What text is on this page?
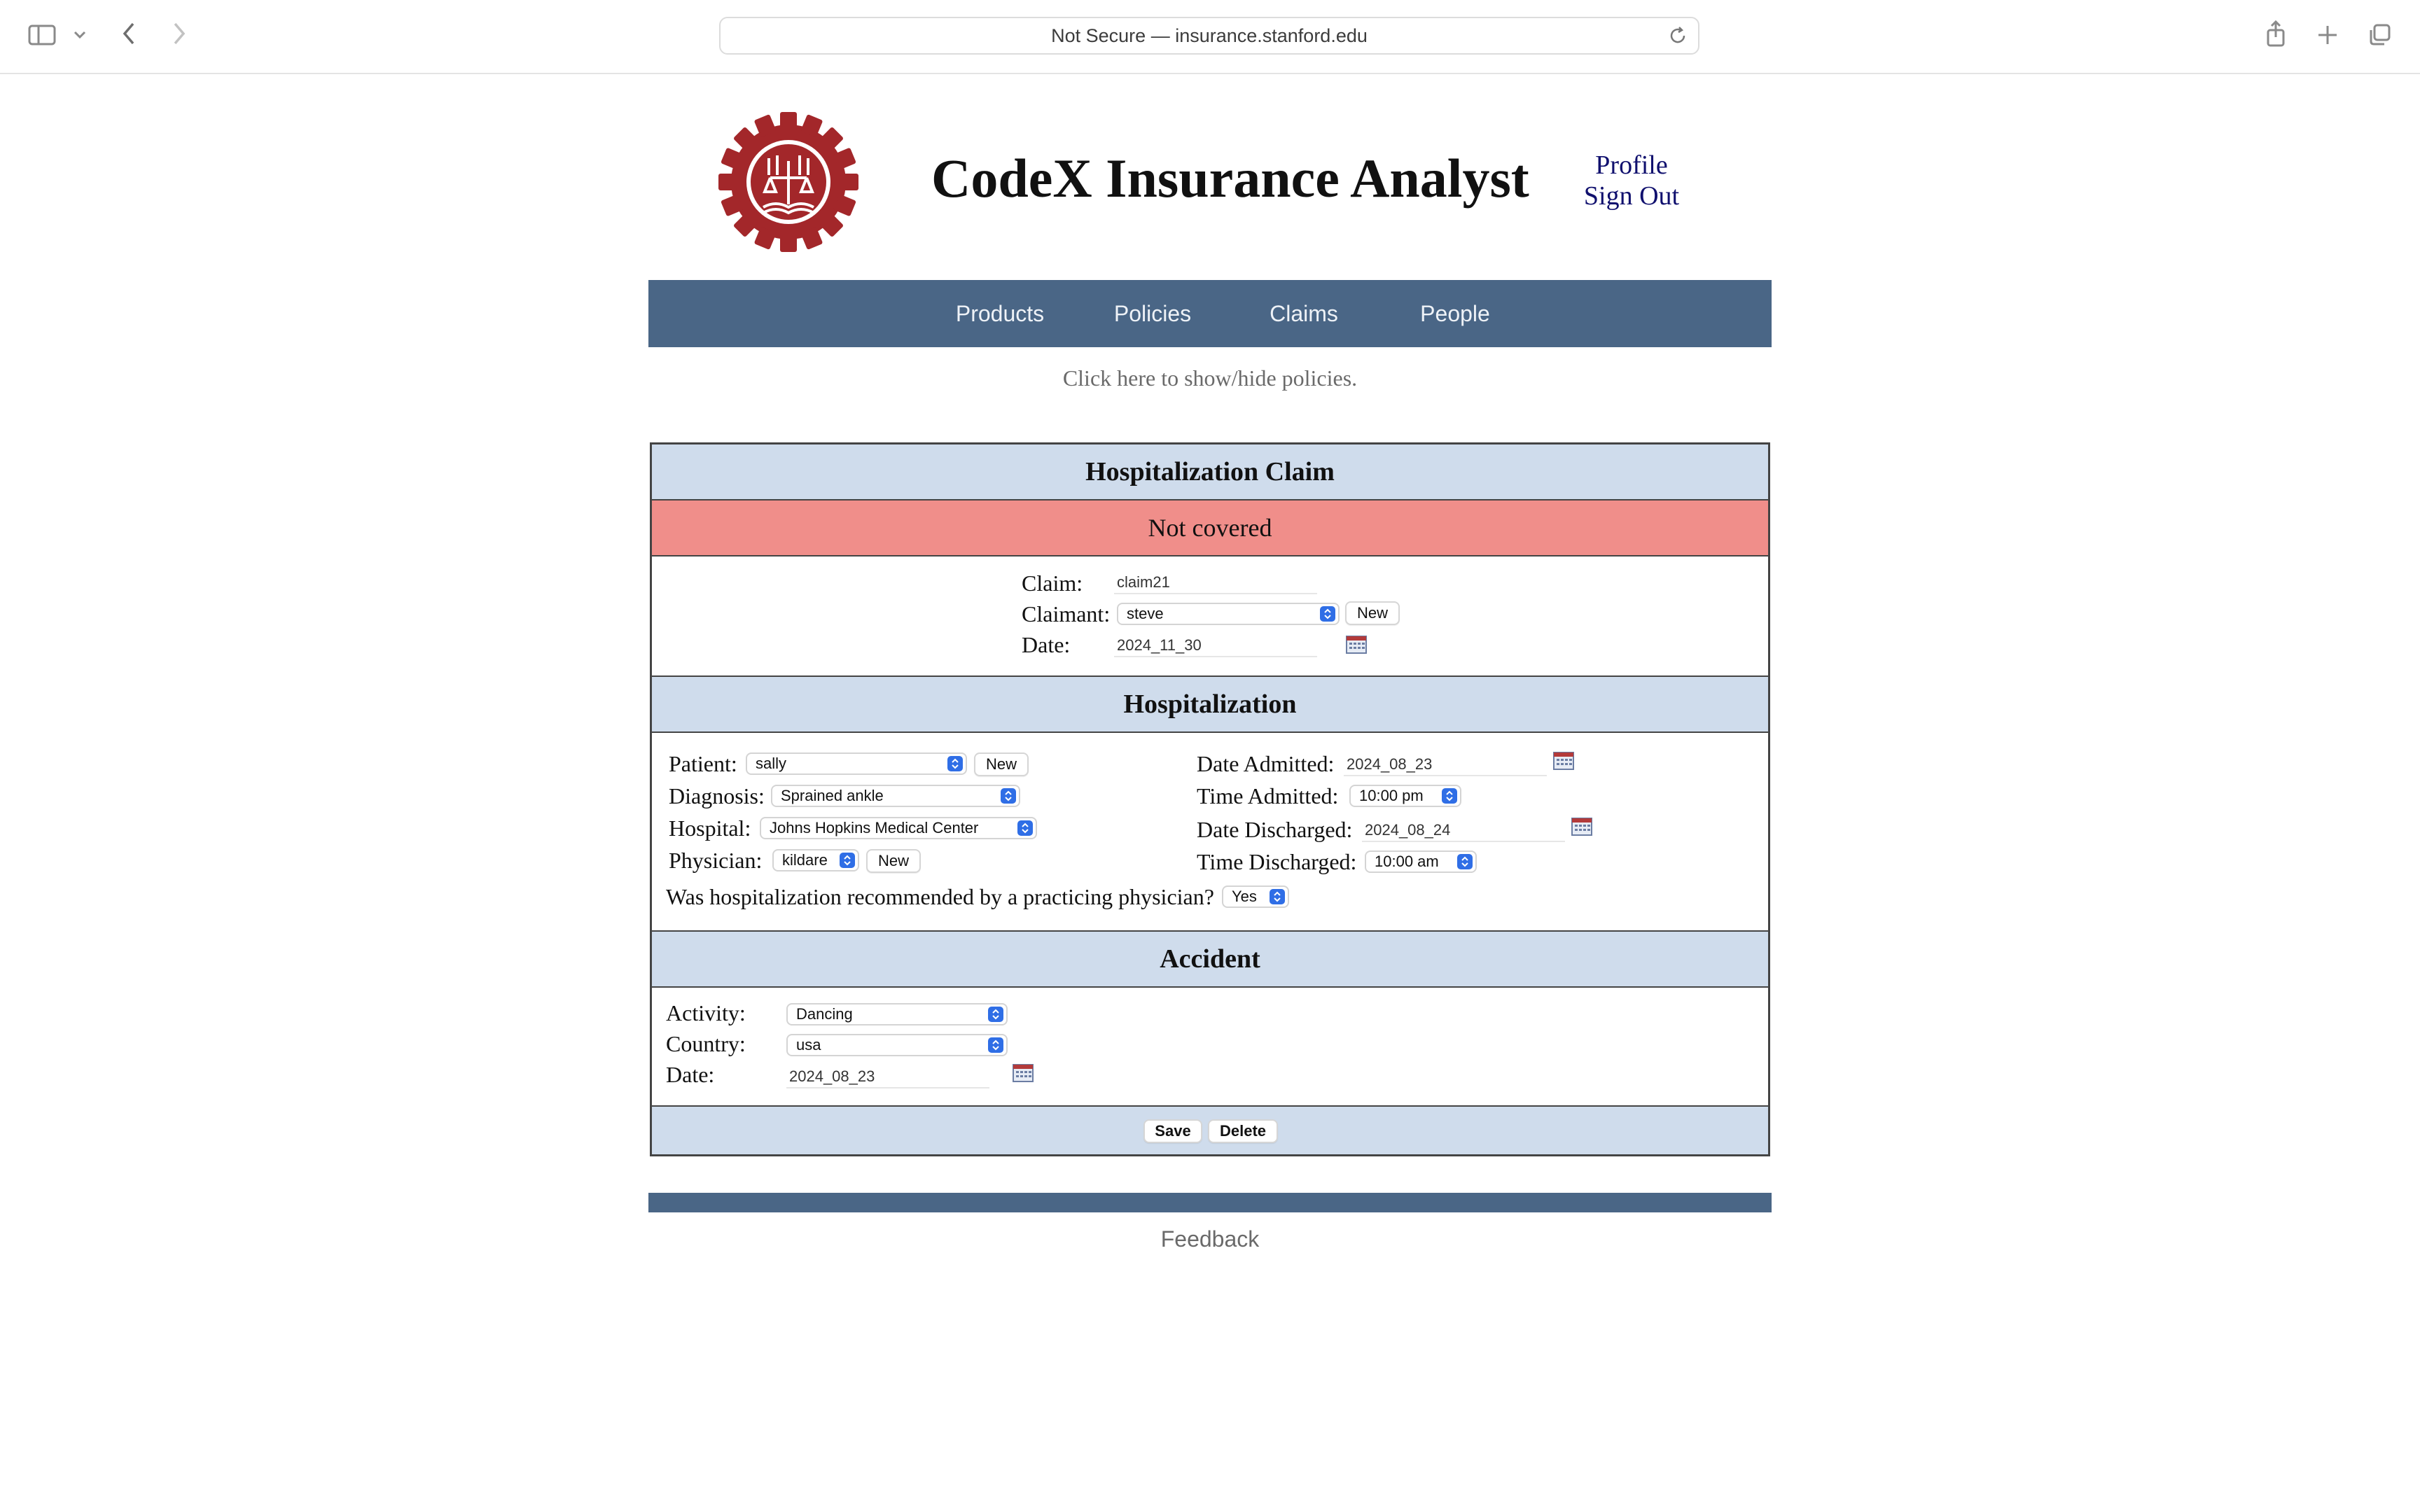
Not Secure — insurance.stanford.edu
CodeX Insurance Analyst	Profile
Sign Out
Products	Policies	Claims	People
Click here to show/hide policies.
Hospitalization Claim
Not covered
Claim: claim21
Claimant:	steve	New
Date:	2024_11_30
Hospitalization
Patient:	sally	New
Diagnosis:	Sprained ankle
Hospital:	Johns Hopkins Medical Center
Physician:	kildare	New
Was hospitalization recommended by a practicing physician?	Yes
Date Admitted: 2024_08_23
Time Admitted:	10:00 pm
Date Discharged: 2024_08_24
Time Discharged:	10:00 am
Accident
Activity:	Dancing
Country:	usa
Date:	2024_08_23
Save	Delete
Feedback
